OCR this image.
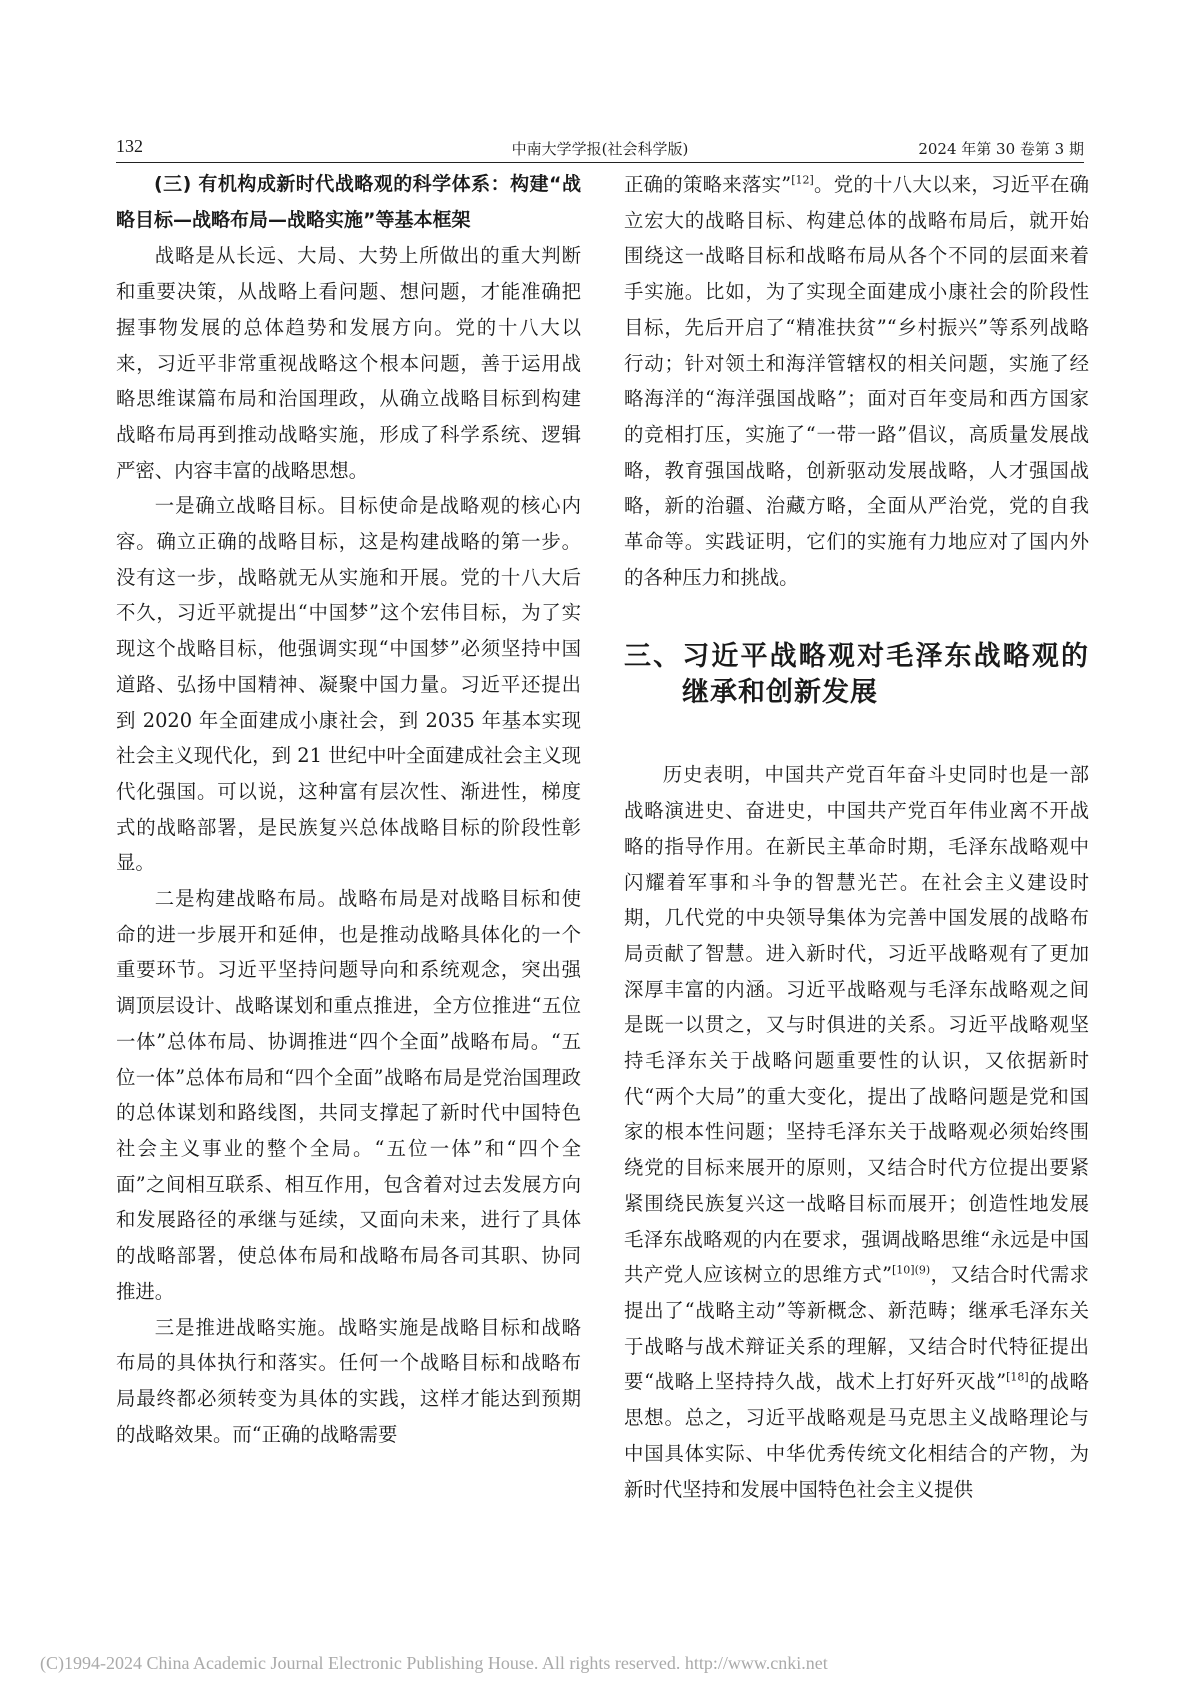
132	中南大学学报(社会科学版)	2024 年第 30 卷第 3 期

(三) 有机构成新时代战略观的科学体系：构建“战略目标—战略布局—战略实施”等基本框架

战略是从长远、大局、大势上所做出的重大判断和重要决策，从战略上看问题、想问题，才能准确把握事物发展的总体趋势和发展方向。党的十八大以来，习近平非常重视战略这个根本问题，善于运用战略思维谋篇布局和治国理政，从确立战略目标到构建战略布局再到推动战略实施，形成了科学系统、逻辑严密、内容丰富的战略思想。

一是确立战略目标。目标使命是战略观的核心内容。确立正确的战略目标，这是构建战略的第一步。没有这一步，战略就无从实施和开展。党的十八大后不久，习近平就提出“中国梦”这个宏伟目标，为了实现这个战略目标，他强调实现“中国梦”必须坚持中国道路、弘扬中国精神、凝聚中国力量。习近平还提出到 2020 年全面建成小康社会，到 2035 年基本实现社会主义现代化，到 21 世纪中叶全面建成社会主义现代化强国。可以说，这种富有层次性、渐进性，梯度式的战略部署，是民族复兴总体战略目标的阶段性彰显。

二是构建战略布局。战略布局是对战略目标和使命的进一步展开和延伸，也是推动战略具体化的一个重要环节。习近平坚持问题导向和系统观念，突出强调顶层设计、战略谋划和重点推进，全方位推进“五位一体”总体布局、协调推进“四个全面”战略布局。“五位一体”总体布局和“四个全面”战略布局是党治国理政的总体谋划和路线图，共同支撑起了新时代中国特色社会主义事业的整个全局。“五位一体”和“四个全面”之间相互联系、相互作用，包含着对过去发展方向和发展路径的承继与延续，又面向未来，进行了具体的战略部署，使总体布局和战略布局各司其职、协同推进。

三是推进战略实施。战略实施是战略目标和战略布局的具体执行和落实。任何一个战略目标和战略布局最终都必须转变为具体的实践，这样才能达到预期的战略效果。而“正确的战略需要

正确的策略来落实”[12]。党的十八大以来，习近平在确立宏大的战略目标、构建总体的战略布局后，就开始围绕这一战略目标和战略布局从各个不同的层面来着手实施。比如，为了实现全面建成小康社会的阶段性目标，先后开启了“精准扶贫”“乡村振兴”等系列战略行动；针对领土和海洋管辖权的相关问题，实施了经略海洋的“海洋强国战略”；面对百年变局和西方国家的竞相打压，实施了“一带一路”倡议，高质量发展战略，教育强国战略，创新驱动发展战略，人才强国战略，新的治疆、治藏方略，全面从严治党，党的自我革命等。实践证明，它们的实施有力地应对了国内外的各种压力和挑战。

三、习近平战略观对毛泽东战略观的继承和创新发展

历史表明，中国共产党百年奋斗史同时也是一部战略演进史、奋进史，中国共产党百年伟业离不开战略的指导作用。在新民主革命时期，毛泽东战略观中闪耀着军事和斗争的智慧光芒。在社会主义建设时期，几代党的中央领导集体为完善中国发展的战略布局贡献了智慧。进入新时代，习近平战略观有了更加深厚丰富的内涵。习近平战略观与毛泽东战略观之间是既一以贯之，又与时俱进的关系。习近平战略观坚持毛泽东关于战略问题重要性的认识，又依据新时代“两个大局”的重大变化，提出了战略问题是党和国家的根本性问题；坚持毛泽东关于战略观必须始终围绕党的目标来展开的原则，又结合时代方位提出要紧紧围绕民族复兴这一战略目标而展开；创造性地发展毛泽东战略观的内在要求，强调战略思维“永远是中国共产党人应该树立的思维方式”$^{[10](9)}$，又结合时代需求提出了“战略主动”等新概念、新范畴；继承毛泽东关于战略与战术辩证关系的理解，又结合时代特征提出要“战略上坚持持久战，战术上打好歼灭战”[18]的战略思想。总之，习近平战略观是马克思主义战略理论与中国具体实际、中华优秀传统文化相结合的产物，为新时代坚持和发展中国特色社会主义提供

(C)1994-2024 China Academic Journal Electronic Publishing House. All rights reserved. http://www.cnki.net
